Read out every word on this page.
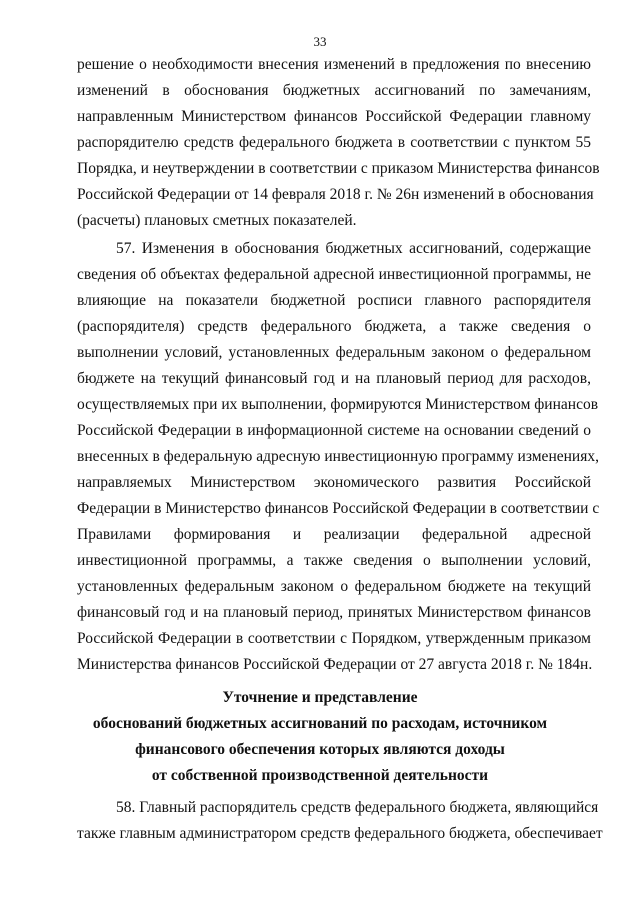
33
решение о необходимости внесения изменений в предложения по внесению
изменений в обоснования бюджетных ассигнований по замечаниям,
направленным Министерством финансов Российской Федерации главному
распорядителю средств федерального бюджета в соответствии с пунктом 55
Порядка, и неутверждении в соответствии с приказом Министерства финансов
Российской Федерации от 14 февраля 2018 г. № 26н изменений в обоснования
(расчеты) плановых сметных показателей.
57. Изменения в обоснования бюджетных ассигнований, содержащие
сведения об объектах федеральной адресной инвестиционной программы, не
влияющие на показатели бюджетной росписи главного распорядителя
(распорядителя) средств федерального бюджета, а также сведения о
выполнении условий, установленных федеральным законом о федеральном
бюджете на текущий финансовый год и на плановый период для расходов,
осуществляемых при их выполнении, формируются Министерством финансов
Российской Федерации в информационной системе на основании сведений о
внесенных в федеральную адресную инвестиционную программу изменениях,
направляемых Министерством экономического развития Российской
Федерации в Министерство финансов Российской Федерации в соответствии с
Правилами формирования и реализации федеральной адресной
инвестиционной программы, а также сведения о выполнении условий,
установленных федеральным законом о федеральном бюджете на текущий
финансовый год и на плановый период, принятых Министерством финансов
Российской Федерации в соответствии с Порядком, утвержденным приказом
Министерства финансов Российской Федерации от 27 августа 2018 г. № 184н.
Уточнение и представление
обоснований бюджетных ассигнований по расходам, источником
финансового обеспечения которых являются доходы
от собственной производственной деятельности
58. Главный распорядитель средств федерального бюджета, являющийся
также главным администратором средств федерального бюджета, обеспечивает
